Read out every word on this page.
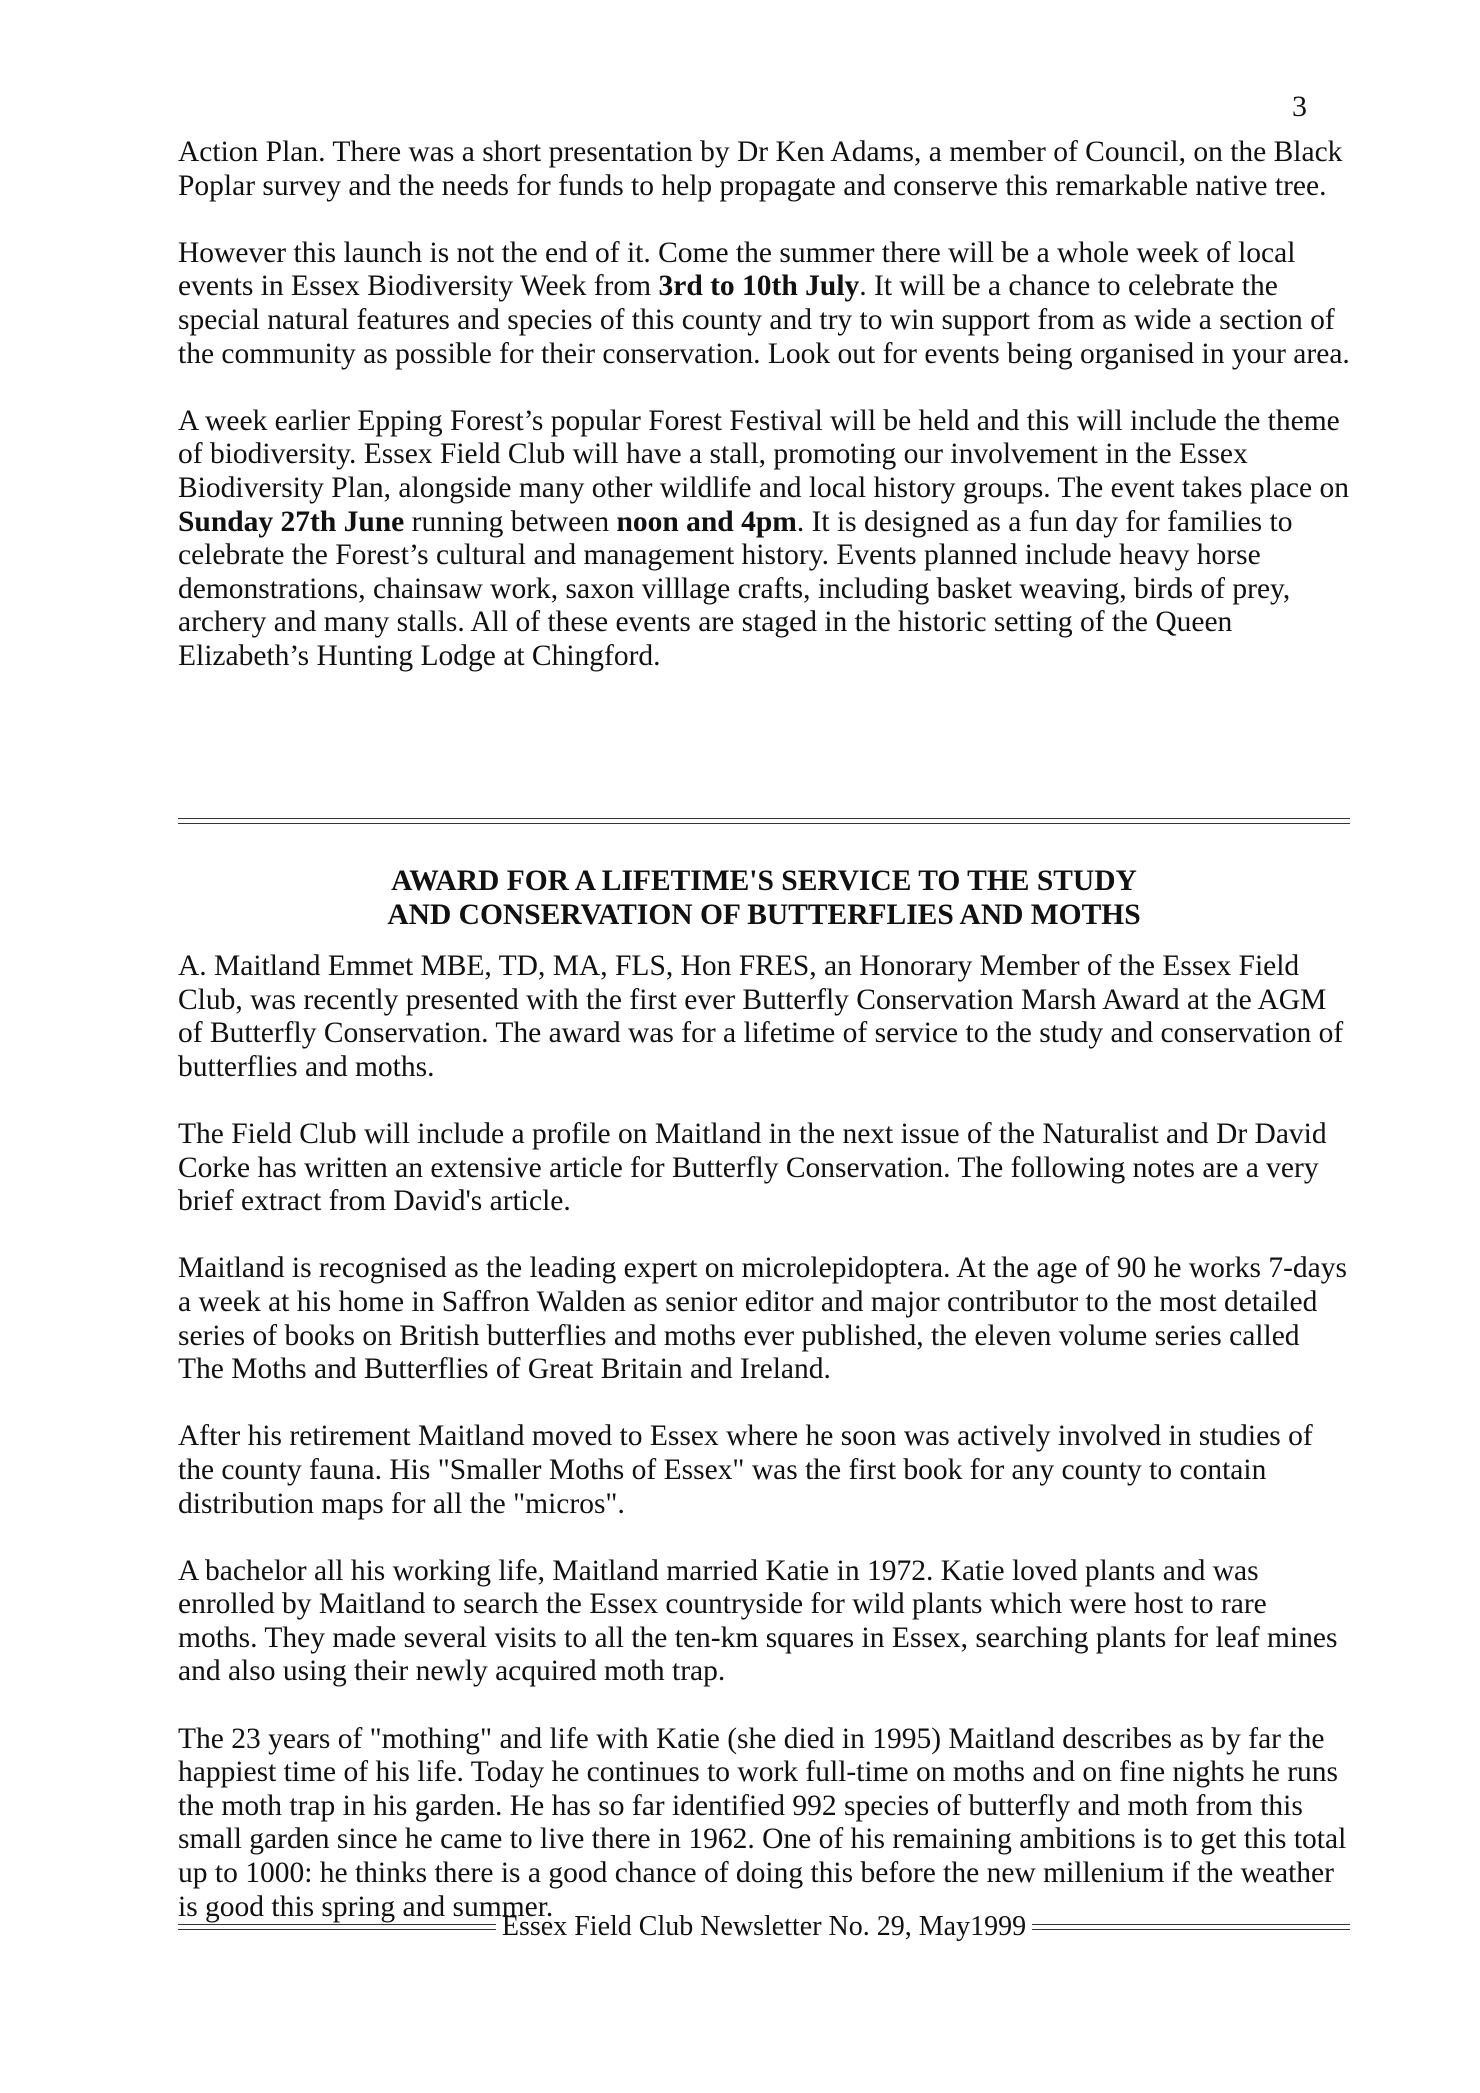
3

Action Plan. There was a short presentation by Dr Ken Adams, a member of Council, on the Black Poplar survey and the needs for funds to help propagate and conserve this remarkable native tree.

However this launch is not the end of it. Come the summer there will be a whole week of local events in Essex Biodiversity Week from 3rd to 10th July. It will be a chance to celebrate the special natural features and species of this county and try to win support from as wide a section of the community as possible for their conservation. Look out for events being organised in your area.

A week earlier Epping Forest’s popular Forest Festival will be held and this will include the theme of biodiversity. Essex Field Club will have a stall, promoting our involvement in the Essex Biodiversity Plan, alongside many other wildlife and local history groups. The event takes place on Sunday 27th June running between noon and 4pm. It is designed as a fun day for families to celebrate the Forest’s cultural and management history. Events planned include heavy horse demonstrations, chainsaw work, saxon villlage crafts, including basket weaving, birds of prey, archery and many stalls. All of these events are staged in the historic setting of the Queen Elizabeth’s Hunting Lodge at Chingford.

AWARD FOR A LIFETIME'S SERVICE TO THE STUDY
AND CONSERVATION OF BUTTERFLIES AND MOTHS

A. Maitland Emmet MBE, TD, MA, FLS, Hon FRES, an Honorary Member of the Essex Field Club, was recently presented with the first ever Butterfly Conservation Marsh Award at the AGM of Butterfly Conservation. The award was for a lifetime of service to the study and conservation of butterflies and moths.

The Field Club will include a profile on Maitland in the next issue of the Naturalist and Dr David Corke has written an extensive article for Butterfly Conservation. The following notes are a very brief extract from David's article.

Maitland is recognised as the leading expert on microlepidoptera. At the age of 90 he works 7-days a week at his home in Saffron Walden as senior editor and major contributor to the most detailed series of books on British butterflies and moths ever published, the eleven volume series called The Moths and Butterflies of Great Britain and Ireland.

After his retirement Maitland moved to Essex where he soon was actively involved in studies of the county fauna. His "Smaller Moths of Essex" was the first book for any county to contain distribution maps for all the "micros".

A bachelor all his working life, Maitland married Katie in 1972. Katie loved plants and was enrolled by Maitland to search the Essex countryside for wild plants which were host to rare moths. They made several visits to all the ten-km squares in Essex, searching plants for leaf mines and also using their newly acquired moth trap.

The 23 years of "mothing" and life with Katie (she died in 1995) Maitland describes as by far the happiest time of his life. Today he continues to work full-time on moths and on fine nights he runs the moth trap in his garden. He has so far identified 992 species of butterfly and moth from this small garden since he came to live there in 1962. One of his remaining ambitions is to get this total up to 1000: he thinks there is a good chance of doing this before the new millenium if the weather is good this spring and summer.

Essex Field Club Newsletter No. 29, May1999
